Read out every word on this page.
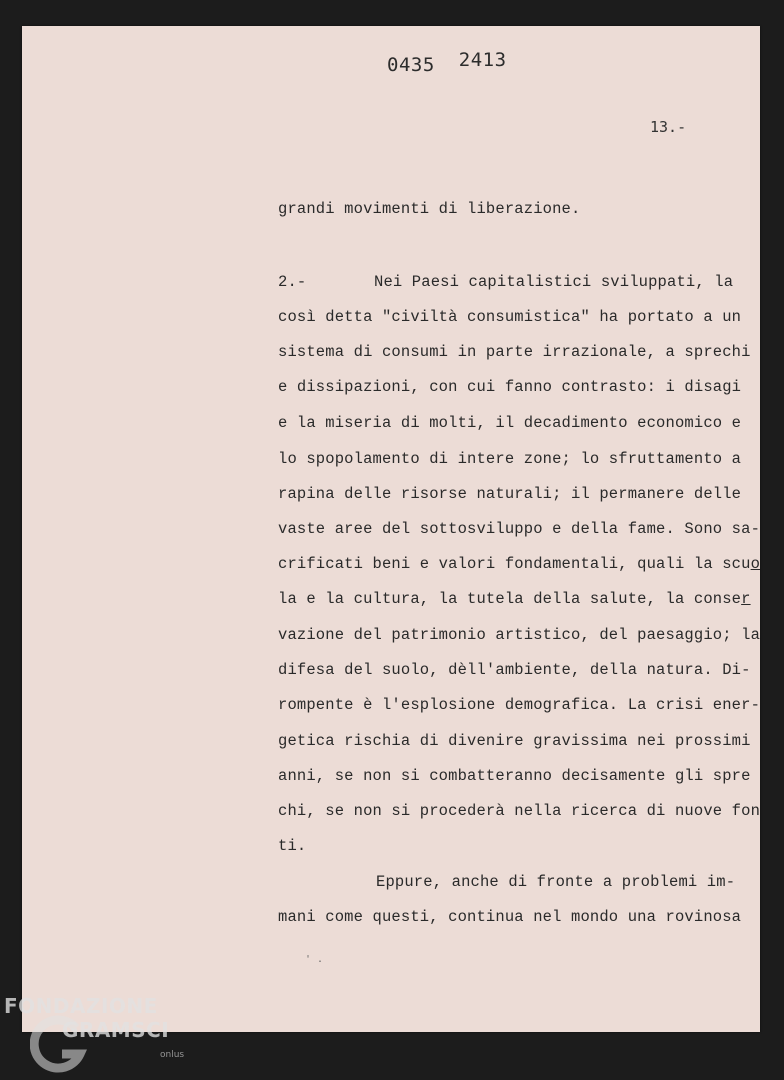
0435 2413
13.-
grandi movimenti di liberazione.
2.-	Nei Paesi capitalistici sviluppati, la
così detta "civiltà consumistica" ha portato a un
sistema di consumi in parte irrazionale, a sprechi
e dissipazioni, con cui fanno contrasto: i disagi
e la miseria di molti, il decadimento economico e
lo spopolamento di intere zone; lo sfruttamento a
rapina delle risorse naturali; il permanere delle
vaste aree del sottosviluppo e della fame. Sono sa-
crificati beni e valori fondamentali, quali la scuo
la e la cultura, la tutela della salute, la conser
vazione del patrimonio artistico, del paesaggio; la
difesa del suolo, dèll'ambiente, della natura. Di-
rompente è l'esplosione demografica. La crisi ener-
getica rischia di divenire gravissima nei prossimi
anni, se non si combatteranno decisamente gli spre
chi, se non si procederà nella ricerca di nuove fon
ti.
Eppure, anche di fronte a problemi im-
mani come questi, continua nel mondo una rovinosa
' .
FONDAZIONE
GRAMSCI
onlus
